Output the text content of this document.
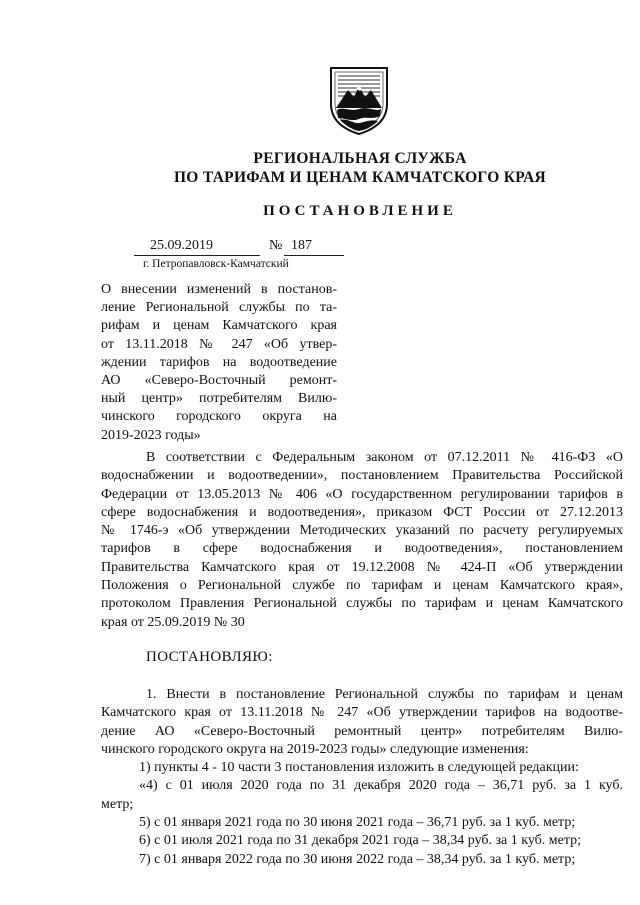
РЕГИОНАЛЬНАЯ СЛУЖБА
ПО ТАРИФАМ И ЦЕНАМ КАМЧАТСКОГО КРАЯ
ПОСТАНОВЛЕНИЕ
25.09.2019	№ 187
г. Петропавловск-Камчатский
О внесении изменений в постанов-
ление Региональной службы по та-
рифам и ценам Камчатского края
от 13.11.2018 № 247 «Об утвер-
ждении тарифов на водоотведение
АО «Северо-Восточный ремонт-
ный центр» потребителям Вилю-
чинского городского округа на
2019-2023 годы»
В соответствии с Федеральным законом от 07.12.2011 № 416-ФЗ «О
водоснабжении и водоотведении», постановлением Правительства Российской
Федерации от 13.05.2013 № 406 «О государственном регулировании тарифов в
сфере водоснабжения и водоотведения», приказом ФСТ России от 27.12.2013
№ 1746-э «Об утверждении Методических указаний по расчету регулируемых
тарифов в сфере водоснабжения и водоотведения», постановлением
Правительства Камчатского края от 19.12.2008 № 424-П «Об утверждении
Положения о Региональной службе по тарифам и ценам Камчатского края»,
протоколом Правления Региональной службы по тарифам и ценам Камчатского
края от 25.09.2019 № 30
ПОСТАНОВЛЯЮ:
1. Внести в постановление Региональной службы по тарифам и ценам
Камчатского края от 13.11.2018 № 247 «Об утверждении тарифов на водоотве-
дение АО «Северо-Восточный ремонтный центр» потребителям Вилю-
чинского городского округа на 2019-2023 годы» следующие изменения:
1) пункты 4 - 10 части 3 постановления изложить в следующей редакции:
«4) с 01 июля 2020 года по 31 декабря 2020 года – 36,71 руб. за 1 куб.
метр;
5) с 01 января 2021 года по 30 июня 2021 года – 36,71 руб. за 1 куб. метр;
6) с 01 июля 2021 года по 31 декабря 2021 года – 38,34 руб. за 1 куб. метр;
7) с 01 января 2022 года по 30 июня 2022 года – 38,34 руб. за 1 куб. метр;
